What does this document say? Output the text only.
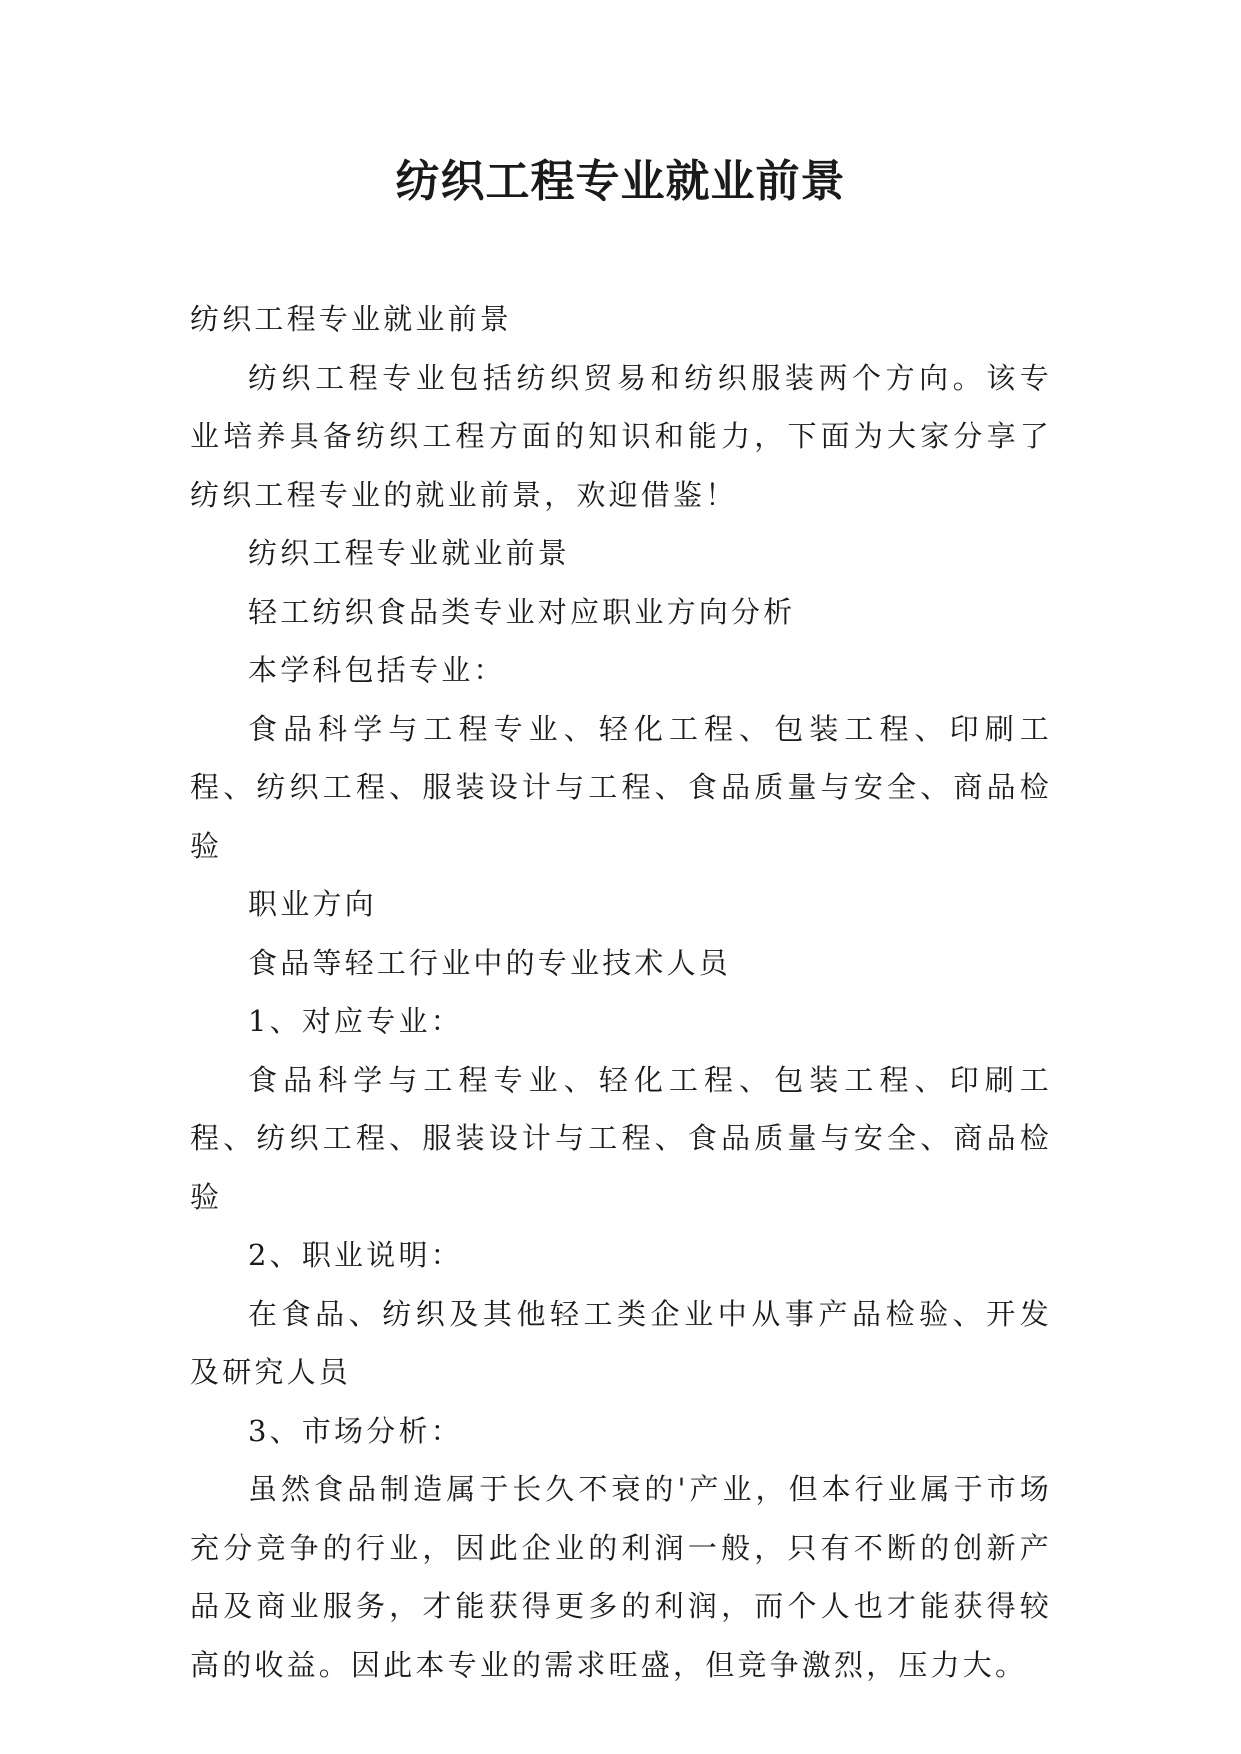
纺织工程专业就业前景

纺织工程专业就业前景

纺织工程专业包括纺织贸易和纺织服装两个方向。该专业培养具备纺织工程方面的知识和能力，下面为大家分享了纺织工程专业的就业前景，欢迎借鉴！

纺织工程专业就业前景

轻工纺织食品类专业对应职业方向分析

本学科包括专业：

食品科学与工程专业、轻化工程、包装工程、印刷工程、纺织工程、服装设计与工程、食品质量与安全、商品检验

职业方向

食品等轻工行业中的专业技术人员

1、对应专业：

食品科学与工程专业、轻化工程、包装工程、印刷工程、纺织工程、服装设计与工程、食品质量与安全、商品检验

2、职业说明：

在食品、纺织及其他轻工类企业中从事产品检验、开发及研究人员

3、市场分析：

虽然食品制造属于长久不衰的'产业，但本行业属于市场充分竞争的行业，因此企业的利润一般，只有不断的创新产品及商业服务，才能获得更多的利润，而个人也才能获得较高的收益。因此本专业的需求旺盛，但竞争激烈，压力大。
